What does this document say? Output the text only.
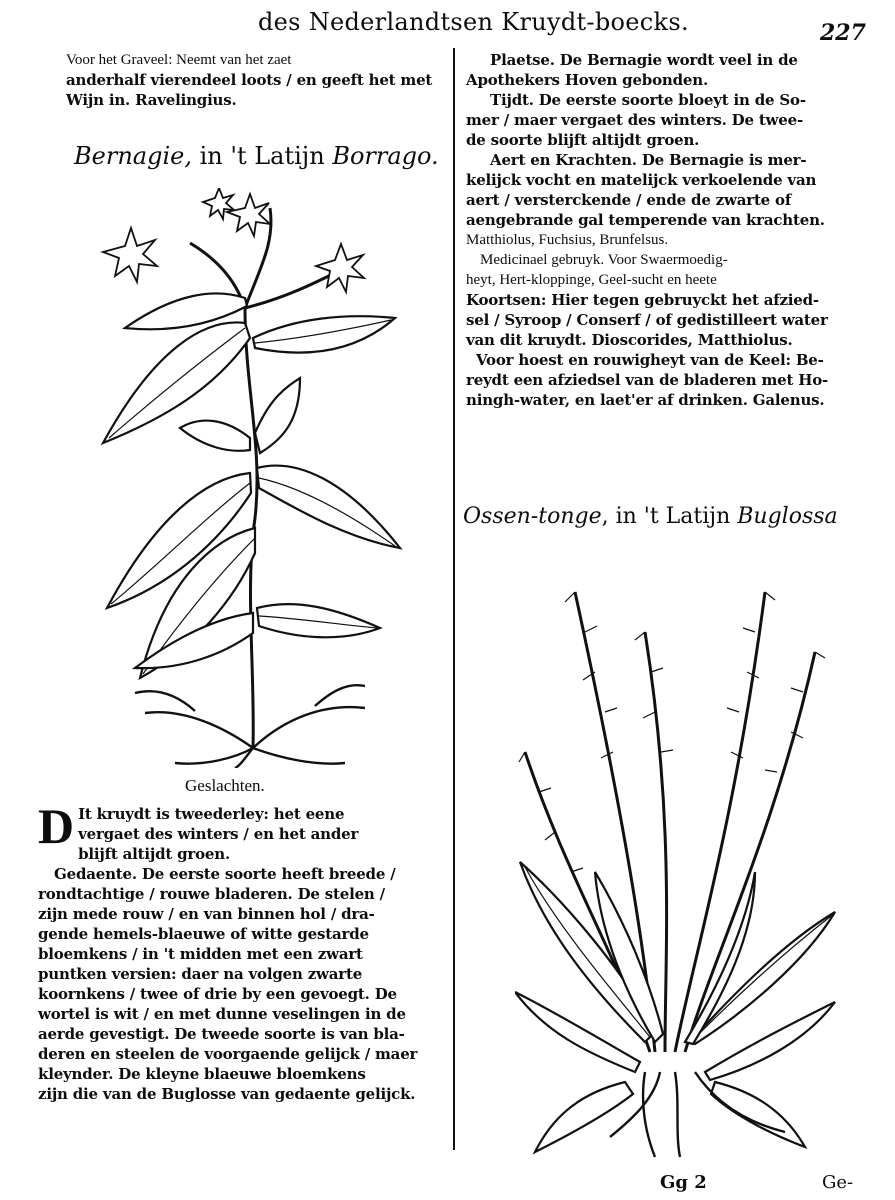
des Nederlandtsen Kruydt-boecks.	227

Voor het Graveel: Neemt van het zaet

anderhalf vierendeel loots / en geeft het met

Wijn in. Ravelingius.

Bernagie, in 't Latijn Borrago.
Geslachten.
D It kruydt is tweederley: het eene

vergaet des winters / en het ander

blijft altijdt groen.

Gedaente. De eerste soorte heeft breede /

rondtachtige / rouwe bladeren. De stelen /

zijn mede rouw / en van binnen hol / dra-

gende hemels-blaeuwe of witte gestarde

bloemkens / in 't midden met een zwart

puntken versien: daer na volgen zwarte

koornkens / twee of drie by een gevoegt. De

wortel is wit / en met dunne veselingen in de

aerde gevestigt. De tweede soorte is van bla-

deren en steelen de voorgaende gelijck / maer

kleynder. De kleyne blaeuwe bloemkens

zijn die van de Buglosse van gedaente gelijck.

Plaetse. De Bernagie wordt veel in de

Apothekers Hoven gebonden.

Tijdt. De eerste soorte bloeyt in de So-

mer / maer vergaet des winters. De twee-

de soorte blijft altijdt groen.

Aert en Krachten. De Bernagie is mer-

kelijck vocht en matelijck verkoelende van

aert / versterckende / ende de zwarte of

aengebrande gal temperende van krachten.

Matthiolus, Fuchsius, Brunfelsus.

Medicinael gebruyk. Voor Swaermoedig-

heyt, Hert-kloppinge, Geel-sucht en heete

Koortsen: Hier tegen gebruyckt het afzied-

sel / Syroop / Conserf / of gedistilleert water

van dit kruydt. Dioscorides, Matthiolus.

Voor hoest en rouwigheyt van de Keel: Be-

reydt een afziedsel van de bladeren met Ho-

ningh-water, en laet'er af drinken. Galenus.

Ossen-tonge, in 't Latijn Buglossa
Gg 2	Ge-
